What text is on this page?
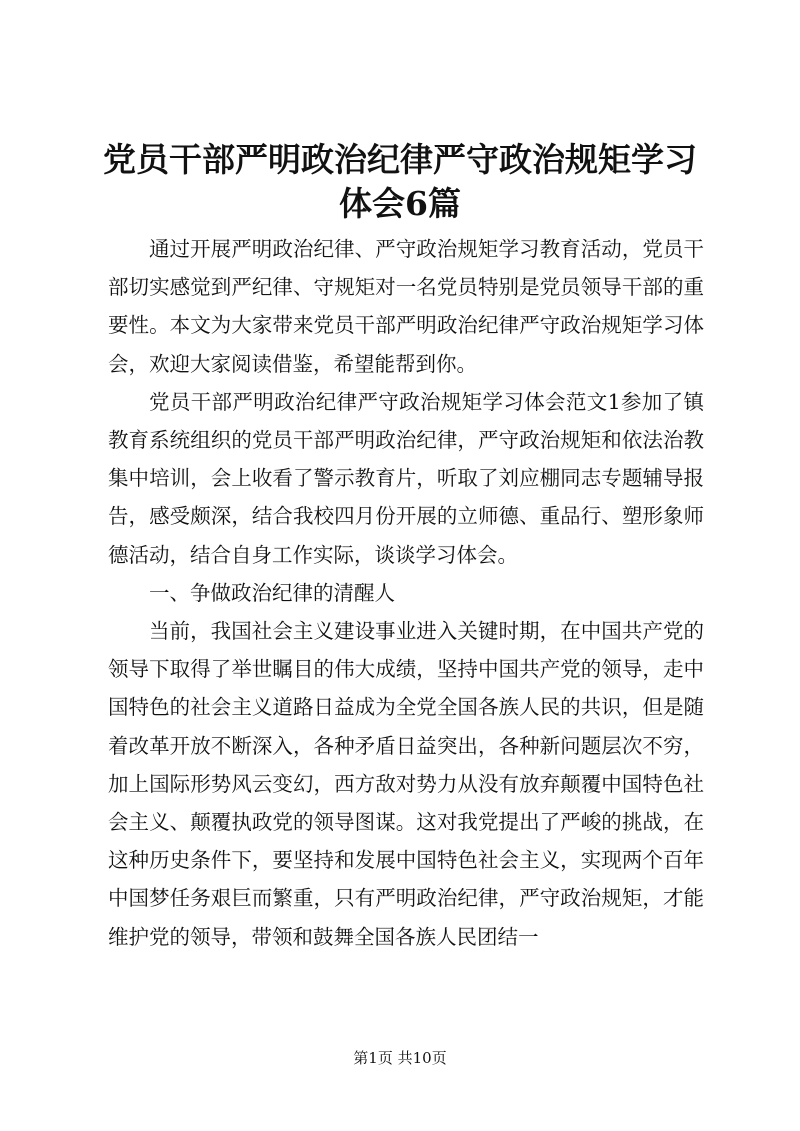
党员干部严明政治纪律严守政治规矩学习体会6篇

通过开展严明政治纪律、严守政治规矩学习教育活动，党员干部切实感觉到严纪律、守规矩对一名党员特别是党员领导干部的重要性。本文为大家带来党员干部严明政治纪律严守政治规矩学习体会，欢迎大家阅读借鉴，希望能帮到你。

党员干部严明政治纪律严守政治规矩学习体会范文1参加了镇教育系统组织的党员干部严明政治纪律，严守政治规矩和依法治教集中培训，会上收看了警示教育片，听取了刘应棚同志专题辅导报告，感受颇深，结合我校四月份开展的立师德、重品行、塑形象师德活动，结合自身工作实际，谈谈学习体会。

一、争做政治纪律的清醒人

当前，我国社会主义建设事业进入关键时期，在中国共产党的领导下取得了举世瞩目的伟大成绩，坚持中国共产党的领导，走中国特色的社会主义道路日益成为全党全国各族人民的共识，但是随着改革开放不断深入，各种矛盾日益突出，各种新问题层次不穷，加上国际形势风云变幻，西方敌对势力从没有放弃颠覆中国特色社会主义、颠覆执政党的领导图谋。这对我党提出了严峻的挑战，在这种历史条件下，要坚持和发展中国特色社会主义，实现两个百年中国梦任务艰巨而繁重，只有严明政治纪律，严守政治规矩，才能维护党的领导，带领和鼓舞全国各族人民团结一

第1页 共10页
